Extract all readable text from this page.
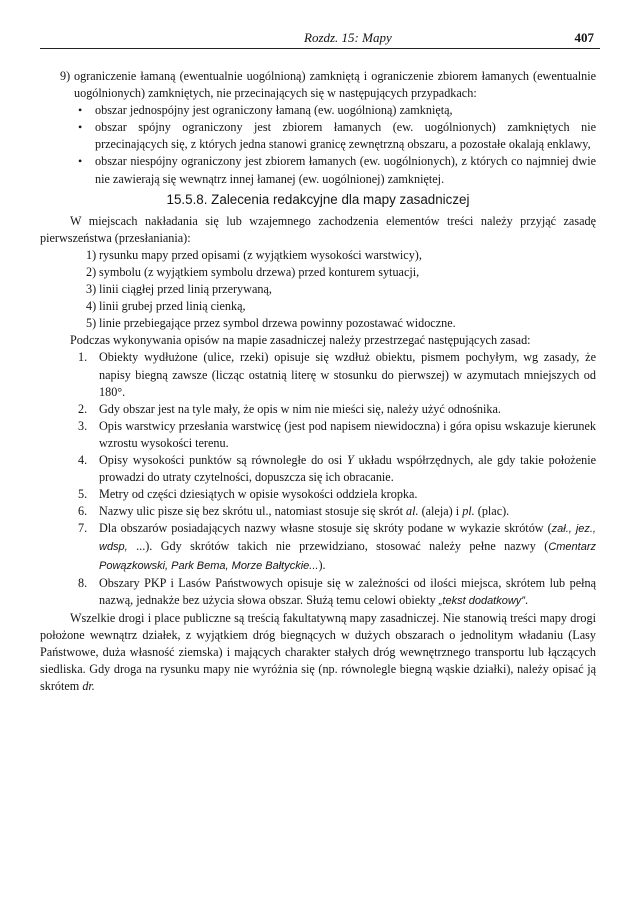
Rozdz. 15: Mapy	407
9) ograniczenie łamaną (ewentualnie uogólnioną) zamkniętą i ograniczenie zbiorem łamanych (ewentualnie uogólnionych) zamkniętych, nie przecinających się w następujących przypadkach:

• obszar jednospójny jest ograniczony łamaną (ew. uogólnioną) zamkniętą,
• obszar spójny ograniczony jest zbiorem łamanych (ew. uogólnionych) zamkniętych nie przecinających się, z których jedna stanowi granicę zewnętrzną obszaru, a pozostałe okalają enklawy,
• obszar niespójny ograniczony jest zbiorem łamanych (ew. uogólnionych), z których co najmniej dwie nie zawierają się wewnątrz innej łamanej (ew. uogólnionej) zamkniętej.
15.5.8. Zalecenia redakcyjne dla mapy zasadniczej

W miejscach nakładania się lub wzajemnego zachodzenia elementów treści należy przyjąć zasadę pierwszeństwa (przesłaniania):

1) rysunku mapy przed opisami (z wyjątkiem wysokości warstwicy),
2) symbolu (z wyjątkiem symbolu drzewa) przed konturem sytuacji,
3) linii ciągłej przed linią przerywaną,
4) linii grubej przed linią cienką,
5) linie przebiegające przez symbol drzewa powinny pozostawać widoczne.

Podczas wykonywania opisów na mapie zasadniczej należy przestrzegać następujących zasad:

1. Obiekty wydłużone (ulice, rzeki) opisuje się wzdłuż obiektu, pismem pochyłym, wg zasady, że napisy biegną zawsze (licząc ostatnią literę w stosunku do pierwszej) w azymutach mniejszych od 180°.
2. Gdy obszar jest na tyle mały, że opis w nim nie mieści się, należy użyć odnośnika.
3. Opis warstwicy przesłania warstwicę (jest pod napisem niewidoczna) i góra opisu wskazuje kierunek wzrostu wysokości terenu.
4. Opisy wysokości punktów są równoległe do osi Y układu współrzędnych, ale gdy takie położenie prowadzi do utraty czytelności, dopuszcza się ich obracanie.
5. Metry od części dziesiątych w opisie wysokości oddziela kropka.
6. Nazwy ulic pisze się bez skrótu ul., natomiast stosuje się skrót al. (aleja) i pl. (plac).
7. Dla obszarów posiadających nazwy własne stosuje się skróty podane w wykazie skrótów (zał., jez., wdsp, ...). Gdy skrótów takich nie przewidziano, stosować należy pełne nazwy (Cmentarz Powązkowski, Park Bema, Morze Bałtyckie...).
8. Obszary PKP i Lasów Państwowych opisuje się w zależności od ilości miejsca, skrótem lub pełną nazwą, jednakże bez użycia słowa obszar. Służą temu celowi obiekty „tekst dodatkowy”.

Wszelkie drogi i place publiczne są treścią fakultatywną mapy zasadniczej. Nie stanowią treści mapy drogi położone wewnątrz działek, z wyjątkiem dróg biegnących w dużych obszarach o jednolitym władaniu (Lasy Państwowe, duża własność ziemska) i mających charakter stałych dróg wewnętrznego transportu lub łączących siedliska. Gdy droga na rysunku mapy nie wyróżnia się (np. równolegle biegną wąskie działki), należy opisać ją skrótem dr.
